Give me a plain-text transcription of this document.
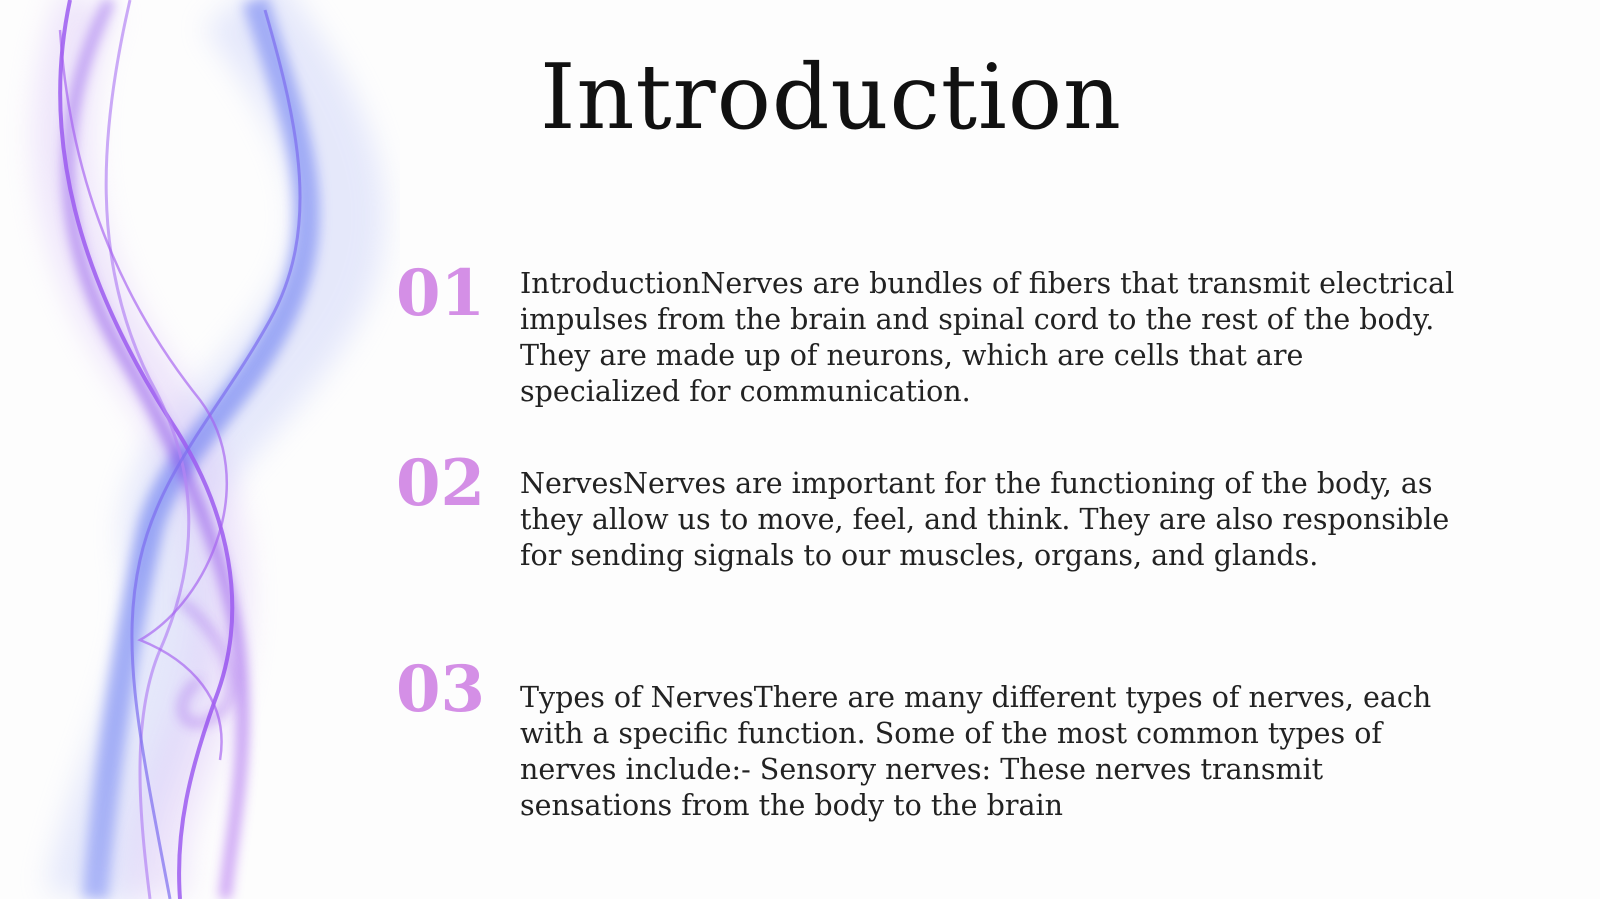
Introduction
01 IntroductionNerves are bundles of fibers that transmit electrical impulses from the brain and spinal cord to the rest of the body. They are made up of neurons, which are cells that are specialized for communication.

02 NervesNerves are important for the functioning of the body, as they allow us to move, feel, and think. They are also responsible for sending signals to our muscles, organs, and glands.

03 Types of NervesThere are many different types of nerves, each with a specific function. Some of the most common types of nerves include:- Sensory nerves: These nerves transmit sensations from the body to the brain
